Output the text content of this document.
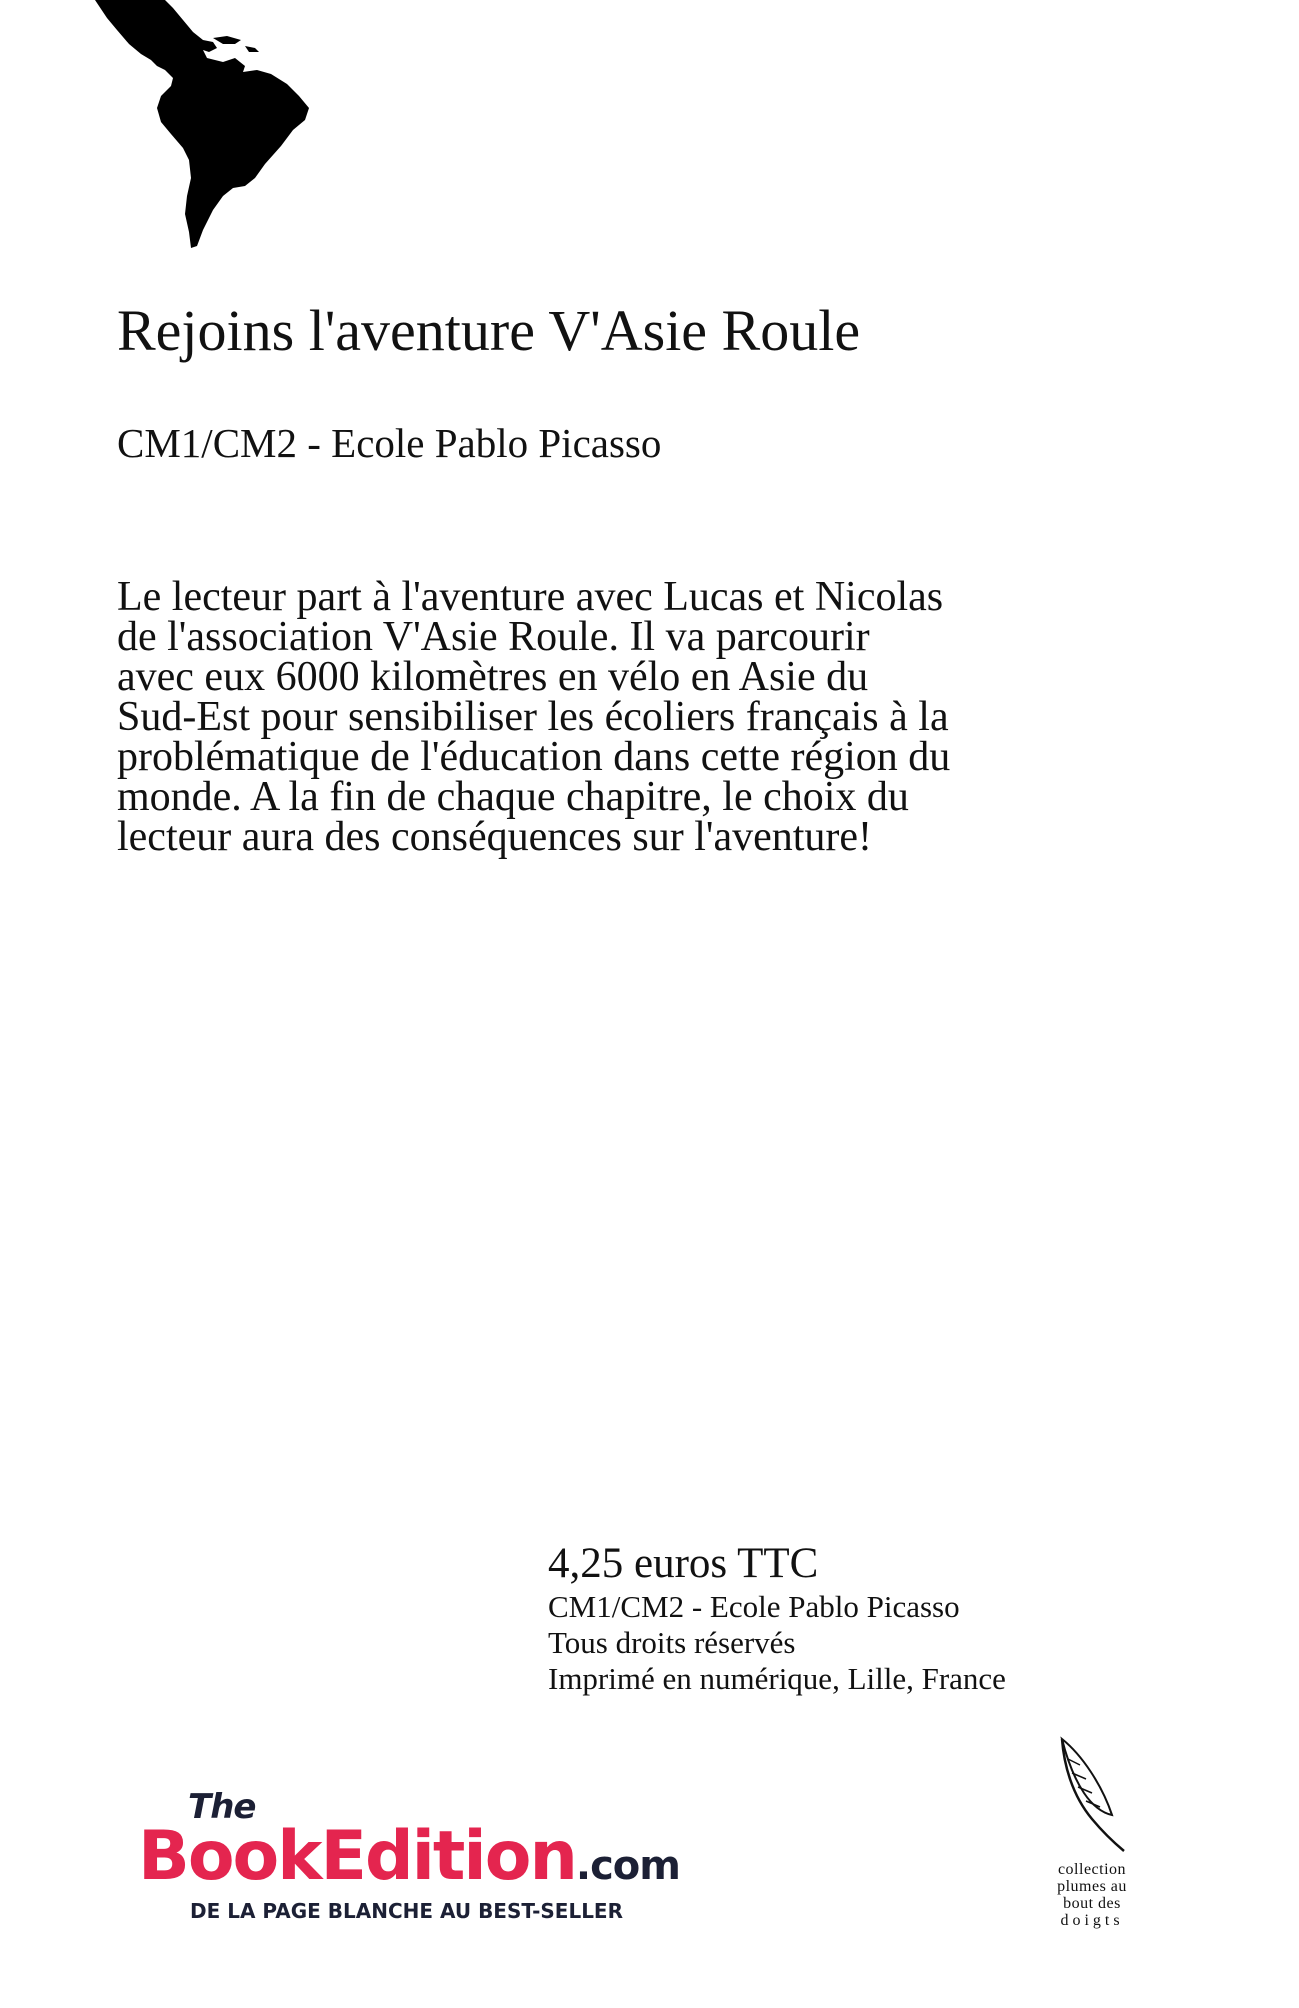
Rejoins l'aventure V'Asie Roule

CM1/CM2 - Ecole Pablo Picasso

Le lecteur part à l'aventure avec Lucas et Nicolas de l'association V'Asie Roule. Il va parcourir avec eux 6000 kilomètres en vélo en Asie du Sud-Est pour sensibiliser les écoliers français à la problématique de l'éducation dans cette région du monde. A la fin de chaque chapitre, le choix du lecteur aura des conséquences sur l'aventure!

4,25 euros TTC

CM1/CM2 - Ecole Pablo Picasso

Tous droits réservés

Imprimé en numérique, Lille, France

The
BookEdition.com
DE LA PAGE BLANCHE AU BEST-SELLER
collection
plumes au
bout des
doigts
